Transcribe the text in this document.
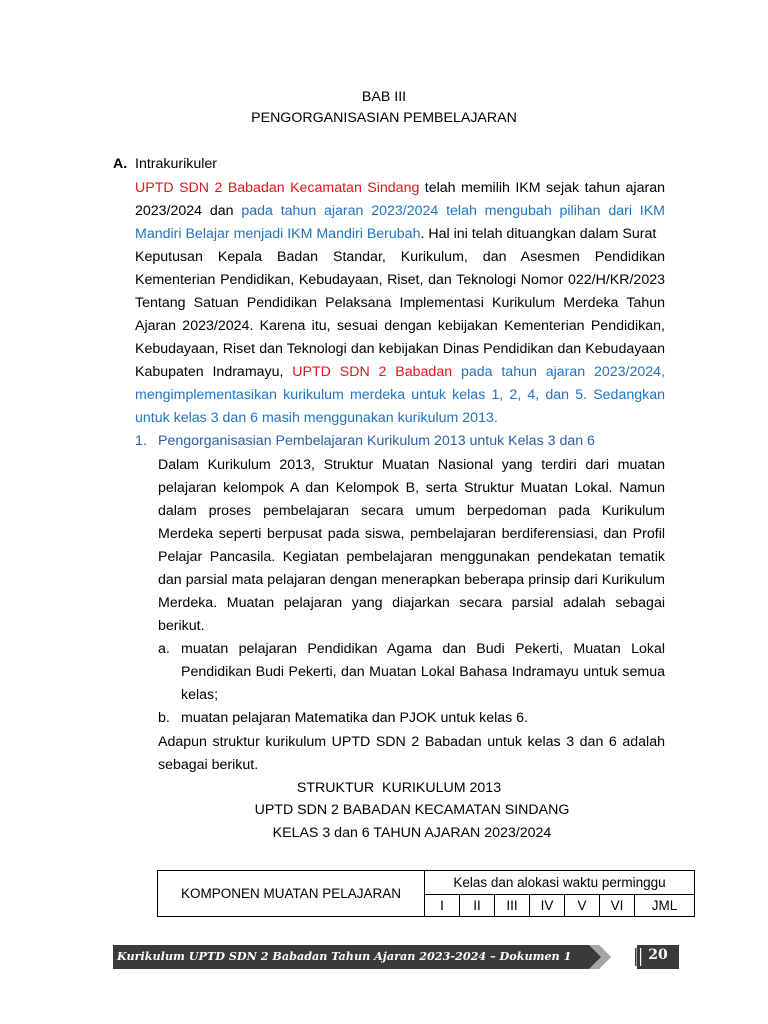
BAB III
PENGORGANISASIAN PEMBELAJARAN
A. Intrakurikuler
UPTD SDN 2 Babadan Kecamatan Sindang telah memilih IKM sejak tahun ajaran
2023/2024 dan pada tahun ajaran 2023/2024 telah mengubah pilihan dari IKM
Mandiri Belajar menjadi IKM Mandiri Berubah. Hal ini telah dituangkan dalam Surat
Keputusan Kepala Badan Standar, Kurikulum, dan Asesmen Pendidikan
Kementerian Pendidikan, Kebudayaan, Riset, dan Teknologi Nomor 022/H/KR/2023
Tentang Satuan Pendidikan Pelaksana Implementasi Kurikulum Merdeka Tahun
Ajaran 2023/2024. Karena itu, sesuai dengan kebijakan Kementerian Pendidikan,
Kebudayaan, Riset dan Teknologi dan kebijakan Dinas Pendidikan dan Kebudayaan
Kabupaten Indramayu, UPTD SDN 2 Babadan pada tahun ajaran 2023/2024,
mengimplementasikan kurikulum merdeka untuk kelas 1, 2, 4, dan 5. Sedangkan
untuk kelas 3 dan 6 masih menggunakan kurikulum 2013.
1. Pengorganisasian Pembelajaran Kurikulum 2013 untuk Kelas 3 dan 6
Dalam Kurikulum 2013, Struktur Muatan Nasional yang terdiri dari muatan
pelajaran kelompok A dan Kelompok B, serta Struktur Muatan Lokal. Namun
dalam proses pembelajaran secara umum berpedoman pada Kurikulum
Merdeka seperti berpusat pada siswa, pembelajaran berdiferensiasi, dan Profil
Pelajar Pancasila. Kegiatan pembelajaran menggunakan pendekatan tematik
dan parsial mata pelajaran dengan menerapkan beberapa prinsip dari Kurikulum
Merdeka. Muatan pelajaran yang diajarkan secara parsial adalah sebagai
berikut.
a. muatan pelajaran Pendidikan Agama dan Budi Pekerti, Muatan Lokal
Pendidikan Budi Pekerti, dan Muatan Lokal Bahasa Indramayu untuk semua
kelas;
b. muatan pelajaran Matematika dan PJOK untuk kelas 6.
Adapun struktur kurikulum UPTD SDN 2 Babadan untuk kelas 3 dan 6 adalah
sebagai berikut.
STRUKTUR  KURIKULUM 2013
UPTD SDN 2 BABADAN KECAMATAN SINDANG
KELAS 3 dan 6 TAHUN AJARAN 2023/2024
KOMPONEN MUATAN PELAJARAN	Kelas dan alokasi waktu perminggu						
	I	II	III	IV	V	VI	JML
Kurikulum UPTD SDN 2 Babadan Tahun Ajaran 2023-2024 – Dokumen 1	20
